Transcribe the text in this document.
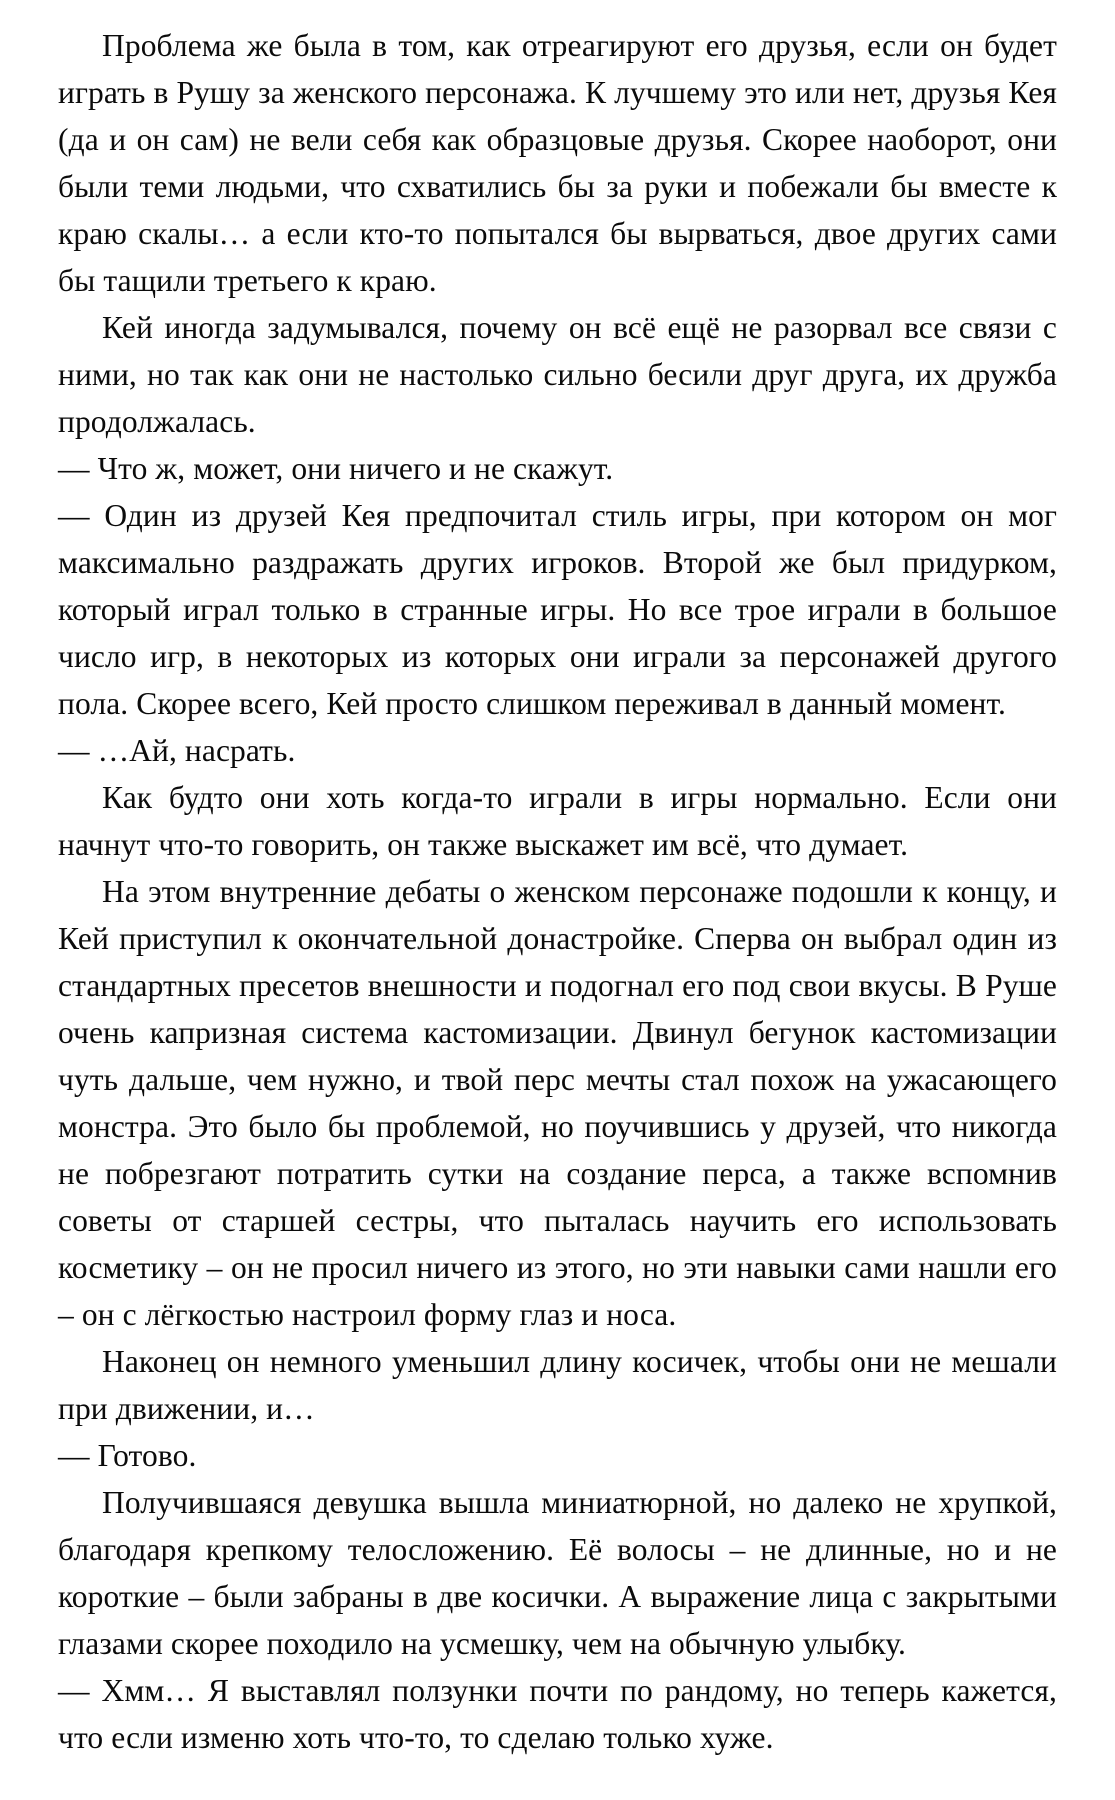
Проблема же была в том, как отреагируют его друзья, если он будет играть в Рушу за женского персонажа. К лучшему это или нет, друзья Кея (да и он сам) не вели себя как образцовые друзья. Скорее наоборот, они были теми людьми, что схватились бы за руки и побежали бы вместе к краю скалы… а если кто-то попытался бы вырваться, двое других сами бы тащили третьего к краю.

Кей иногда задумывался, почему он всё ещё не разорвал все связи с ними, но так как они не настолько сильно бесили друг друга, их дружба продолжалась.

— Что ж, может, они ничего и не скажут.

— Один из друзей Кея предпочитал стиль игры, при котором он мог максимально раздражать других игроков. Второй же был придурком, который играл только в странные игры. Но все трое играли в большое число игр, в некоторых из которых они играли за персонажей другого пола. Скорее всего, Кей просто слишком переживал в данный момент.

— …Ай, насрать.

Как будто они хоть когда-то играли в игры нормально. Если они начнут что-то говорить, он также выскажет им всё, что думает.

На этом внутренние дебаты о женском персонаже подошли к концу, и Кей приступил к окончательной донастройке. Сперва он выбрал один из стандартных пресетов внешности и подогнал его под свои вкусы. В Руше очень капризная система кастомизации. Двинул бегунок кастомизации чуть дальше, чем нужно, и твой перс мечты стал похож на ужасающего монстра. Это было бы проблемой, но поучившись у друзей, что никогда не побрезгают потратить сутки на создание перса, а также вспомнив советы от старшей сестры, что пыталась научить его использовать косметику – он не просил ничего из этого, но эти навыки сами нашли его – он с лёгкостью настроил форму глаз и носа.

Наконец он немного уменьшил длину косичек, чтобы они не мешали при движении, и…

— Готово.

Получившаяся девушка вышла миниатюрной, но далеко не хрупкой, благодаря крепкому телосложению. Её волосы – не длинные, но и не короткие – были забраны в две косички. А выражение лица с закрытыми глазами скорее походило на усмешку, чем на обычную улыбку.

— Хмм… Я выставлял ползунки почти по рандому, но теперь кажется, что если изменю хоть что-то, то сделаю только хуже.
